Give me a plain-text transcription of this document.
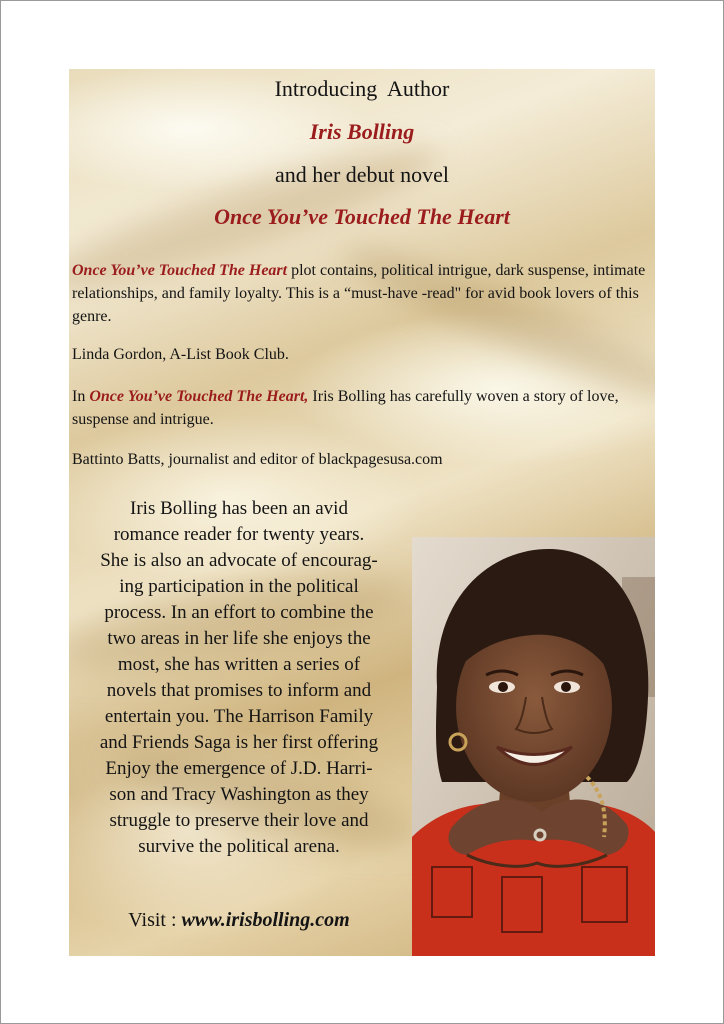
Introducing  Author

Iris Bolling

and her debut novel

Once You’ve Touched The Heart

Once You’ve Touched The Heart plot contains, political intrigue, dark suspense, intimate relationships, and family loyalty. This is a “must-have -read" for avid book lovers of this genre.

Linda Gordon, A-List Book Club.

In Once You’ve Touched The Heart, Iris Bolling has carefully woven a story of love, suspense and intrigue.

Battinto Batts, journalist and editor of blackpagesusa.com

Iris Bolling has been an avid
romance reader for twenty years.
She is also an advocate of encourag-
ing participation in the political
process. In an effort to combine the
two areas in her life she enjoys the
most, she has written a series of
novels that promises to inform and
entertain you. The Harrison Family
and Friends Saga is her first offering
Enjoy the emergence of J.D. Harri-
son and Tracy Washington as they
struggle to preserve their love and
survive the political arena.

Visit : www.irisbolling.com
